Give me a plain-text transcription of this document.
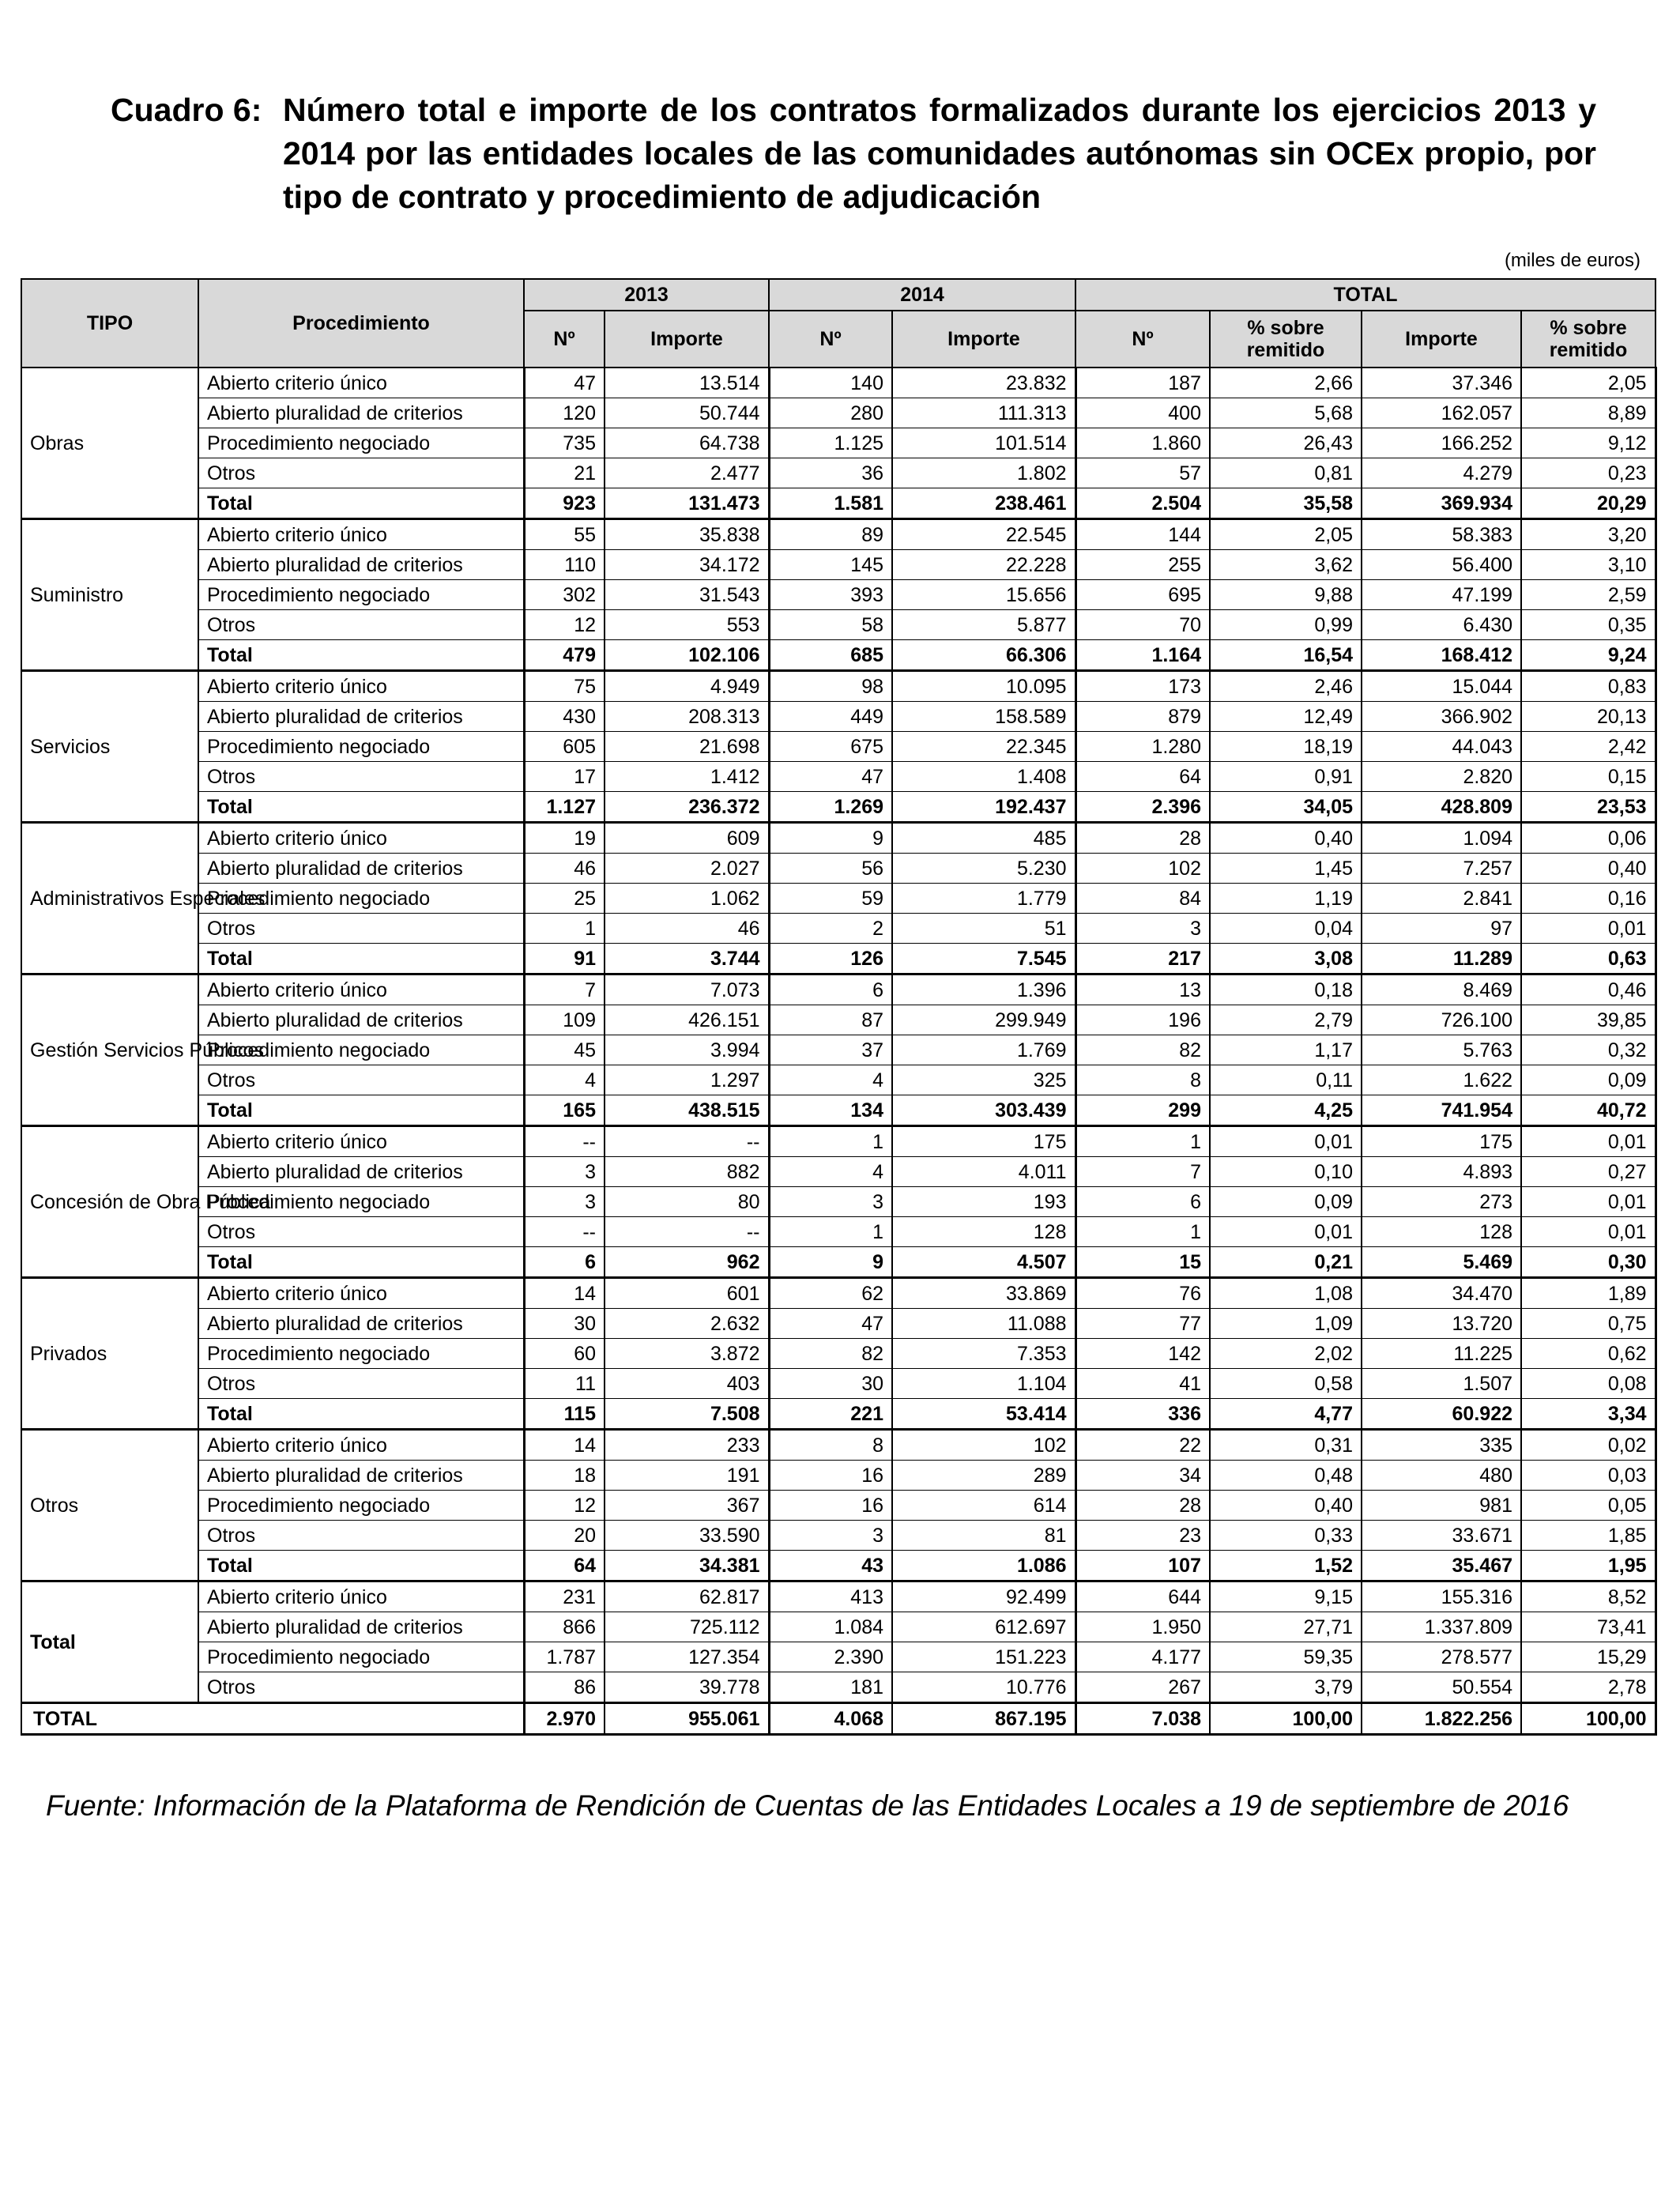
Cuadro 6: Número total e importe de los contratos formalizados durante los ejercicios 2013 y 2014 por las entidades locales de las comunidades autónomas sin OCEx propio, por tipo de contrato y procedimiento de adjudicación
(miles de euros)
TIPO	Procedimiento	2013		2014		TOTAL			
		Nº	Importe	Nº	Importe	Nº	% sobre remitido	Importe	% sobre remitido
Obras	Abierto criterio único	47	13.514	140	23.832	187	2,66	37.346	2,05
	Abierto pluralidad de criterios	120	50.744	280	111.313	400	5,68	162.057	8,89
	Procedimiento negociado	735	64.738	1.125	101.514	1.860	26,43	166.252	9,12
	Otros	21	2.477	36	1.802	57	0,81	4.279	0,23
	Total	923	131.473	1.581	238.461	2.504	35,58	369.934	20,29
Suministro	Abierto criterio único	55	35.838	89	22.545	144	2,05	58.383	3,20
	Abierto pluralidad de criterios	110	34.172	145	22.228	255	3,62	56.400	3,10
	Procedimiento negociado	302	31.543	393	15.656	695	9,88	47.199	2,59
	Otros	12	553	58	5.877	70	0,99	6.430	0,35
	Total	479	102.106	685	66.306	1.164	16,54	168.412	9,24
Servicios	Abierto criterio único	75	4.949	98	10.095	173	2,46	15.044	0,83
	Abierto pluralidad de criterios	430	208.313	449	158.589	879	12,49	366.902	20,13
	Procedimiento negociado	605	21.698	675	22.345	1.280	18,19	44.043	2,42
	Otros	17	1.412	47	1.408	64	0,91	2.820	0,15
	Total	1.127	236.372	1.269	192.437	2.396	34,05	428.809	23,53
Administrativos Especiales	Abierto criterio único	19	609	9	485	28	0,40	1.094	0,06
	Abierto pluralidad de criterios	46	2.027	56	5.230	102	1,45	7.257	0,40
	Procedimiento negociado	25	1.062	59	1.779	84	1,19	2.841	0,16
	Otros	1	46	2	51	3	0,04	97	0,01
	Total	91	3.744	126	7.545	217	3,08	11.289	0,63
Gestión Servicios Públicos	Abierto criterio único	7	7.073	6	1.396	13	0,18	8.469	0,46
	Abierto pluralidad de criterios	109	426.151	87	299.949	196	2,79	726.100	39,85
	Procedimiento negociado	45	3.994	37	1.769	82	1,17	5.763	0,32
	Otros	4	1.297	4	325	8	0,11	1.622	0,09
	Total	165	438.515	134	303.439	299	4,25	741.954	40,72
Concesión de Obra Pública	Abierto criterio único	--	--	1	175	1	0,01	175	0,01
	Abierto pluralidad de criterios	3	882	4	4.011	7	0,10	4.893	0,27
	Procedimiento negociado	3	80	3	193	6	0,09	273	0,01
	Otros	--	--	1	128	1	0,01	128	0,01
	Total	6	962	9	4.507	15	0,21	5.469	0,30
Privados	Abierto criterio único	14	601	62	33.869	76	1,08	34.470	1,89
	Abierto pluralidad de criterios	30	2.632	47	11.088	77	1,09	13.720	0,75
	Procedimiento negociado	60	3.872	82	7.353	142	2,02	11.225	0,62
	Otros	11	403	30	1.104	41	0,58	1.507	0,08
	Total	115	7.508	221	53.414	336	4,77	60.922	3,34
Otros	Abierto criterio único	14	233	8	102	22	0,31	335	0,02
	Abierto pluralidad de criterios	18	191	16	289	34	0,48	480	0,03
	Procedimiento negociado	12	367	16	614	28	0,40	981	0,05
	Otros	20	33.590	3	81	23	0,33	33.671	1,85
	Total	64	34.381	43	1.086	107	1,52	35.467	1,95
Total	Abierto criterio único	231	62.817	413	92.499	644	9,15	155.316	8,52
	Abierto pluralidad de criterios	866	725.112	1.084	612.697	1.950	27,71	1.337.809	73,41
	Procedimiento negociado	1.787	127.354	2.390	151.223	4.177	59,35	278.577	15,29
	Otros	86	39.778	181	10.776	267	3,79	50.554	2,78
TOTAL		2.970	955.061	4.068	867.195	7.038	100,00	1.822.256	100,00
Fuente: Información de la Plataforma de Rendición de Cuentas de las Entidades Locales a 19 de septiembre de 2016
